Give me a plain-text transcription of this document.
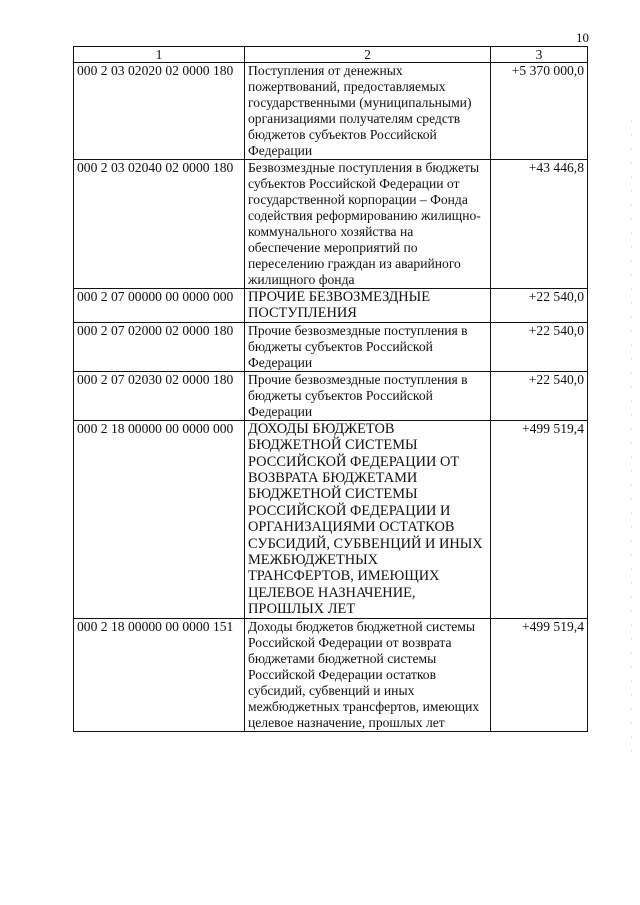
10
1	2	3
000 2 03 02020 02 0000 180	Поступления от денежных пожертвований, предоставляемых государственными (муниципальными) организациями получателям средств бюджетов субъектов Российской Федерации	+5 370 000,0
000 2 03 02040 02 0000 180	Безвозмездные поступления в бюджеты субъектов Российской Федерации от государственной корпорации – Фонда содействия реформированию жилищно-коммунального хозяйства на обеспечение мероприятий по переселению граждан из аварийного жилищного фонда	+43 446,8
000 2 07 00000 00 0000 000	ПРОЧИЕ БЕЗВОЗМЕЗДНЫЕ ПОСТУПЛЕНИЯ	+22 540,0
000 2 07 02000 02 0000 180	Прочие безвозмездные поступления в бюджеты субъектов Российской Федерации	+22 540,0
000 2 07 02030 02 0000 180	Прочие безвозмездные поступления в бюджеты субъектов Российской Федерации	+22 540,0
000 2 18 00000 00 0000 000	ДОХОДЫ БЮДЖЕТОВ БЮДЖЕТНОЙ СИСТЕМЫ РОССИЙСКОЙ ФЕДЕРАЦИИ ОТ ВОЗВРАТА БЮДЖЕТАМИ БЮДЖЕТНОЙ СИСТЕМЫ РОССИЙСКОЙ ФЕДЕРАЦИИ И ОРГАНИЗАЦИЯМИ ОСТАТКОВ СУБСИДИЙ, СУБВЕНЦИЙ И ИНЫХ МЕЖБЮДЖЕТНЫХ ТРАНСФЕРТОВ, ИМЕЮЩИХ ЦЕЛЕВОЕ НАЗНАЧЕНИЕ, ПРОШЛЫХ ЛЕТ	+499 519,4
000 2 18 00000 00 0000 151	Доходы бюджетов бюджетной системы Российской Федерации от возврата бюджетами бюджетной системы Российской Федерации остатков субсидий, субвенций и иных межбюджетных трансфертов, имеющих целевое назначение, прошлых лет	+499 519,4
